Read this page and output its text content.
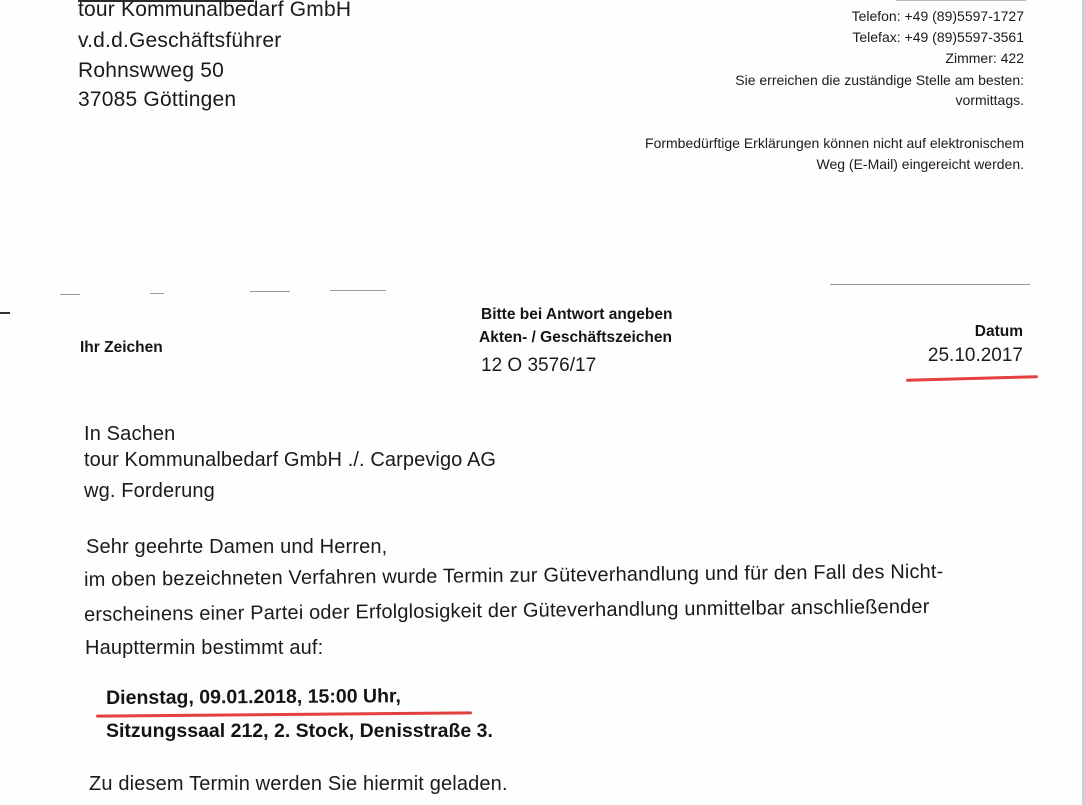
tour Kommunalbedarf GmbH
v.d.d.Geschäftsführer
Rohnswweg 50
37085 Göttingen
Telefon: +49 (89)5597-1727
Telefax: +49 (89)5597-3561
Zimmer: 422
Sie erreichen die zuständige Stelle am besten:
vormittags.
Formbedürftige Erklärungen können nicht auf elektronischem
Weg (E-Mail) eingereicht werden.
Ihr Zeichen
Bitte bei Antwort angeben
Akten- / Geschäftszeichen
12 O 3576/17
Datum
25.10.2017
In Sachen
tour Kommunalbedarf GmbH ./. Carpevigo AG
wg. Forderung
Sehr geehrte Damen und Herren,
im oben bezeichneten Verfahren wurde Termin zur Güteverhandlung und für den Fall des Nicht-
erscheinens einer Partei oder Erfolglosigkeit der Güteverhandlung unmittelbar anschließender
Haupttermin bestimmt auf:
Dienstag, 09.01.2018, 15:00 Uhr,
Sitzungssaal 212, 2. Stock, Denisstraße 3.
Zu diesem Termin werden Sie hiermit geladen.
